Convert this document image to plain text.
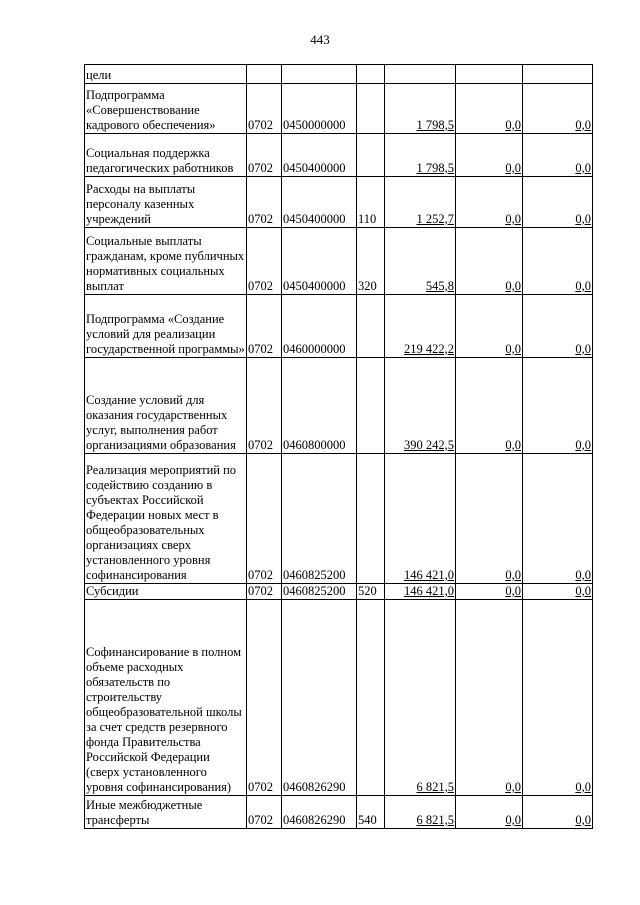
443
цели						
Подпрограмма «Совершенствование кадрового обеспечения»	0702	0450000000		1 798,5	0,0	0,0
Социальная поддержка педагогических работников	0702	0450400000		1 798,5	0,0	0,0
Расходы на выплаты персоналу казенных учреждений	0702	0450400000	110	1 252,7	0,0	0,0
Социальные выплаты гражданам, кроме публичных нормативных социальных выплат	0702	0450400000	320	545,8	0,0	0,0
Подпрограмма «Создание условий для реализации государственной программы»	0702	0460000000		219 422,2	0,0	0,0
Создание условий для оказания государственных услуг, выполнения работ организациями образования	0702	0460800000		390 242,5	0,0	0,0
Реализация мероприятий по содействию созданию в субъектах Российской Федерации новых мест в общеобразовательных организациях сверх установленного уровня софинансирования	0702	0460825200		146 421,0	0,0	0,0
Субсидии	0702	0460825200	520	146 421,0	0,0	0,0
Софинансирование в полном объеме расходных обязательств по строительству общеобразовательной школы за счет средств резервного фонда Правительства Российской Федерации (сверх установленного уровня софинансирования)	0702	0460826290		6 821,5	0,0	0,0
Иные межбюджетные трансферты	0702	0460826290	540	6 821,5	0,0	0,0
